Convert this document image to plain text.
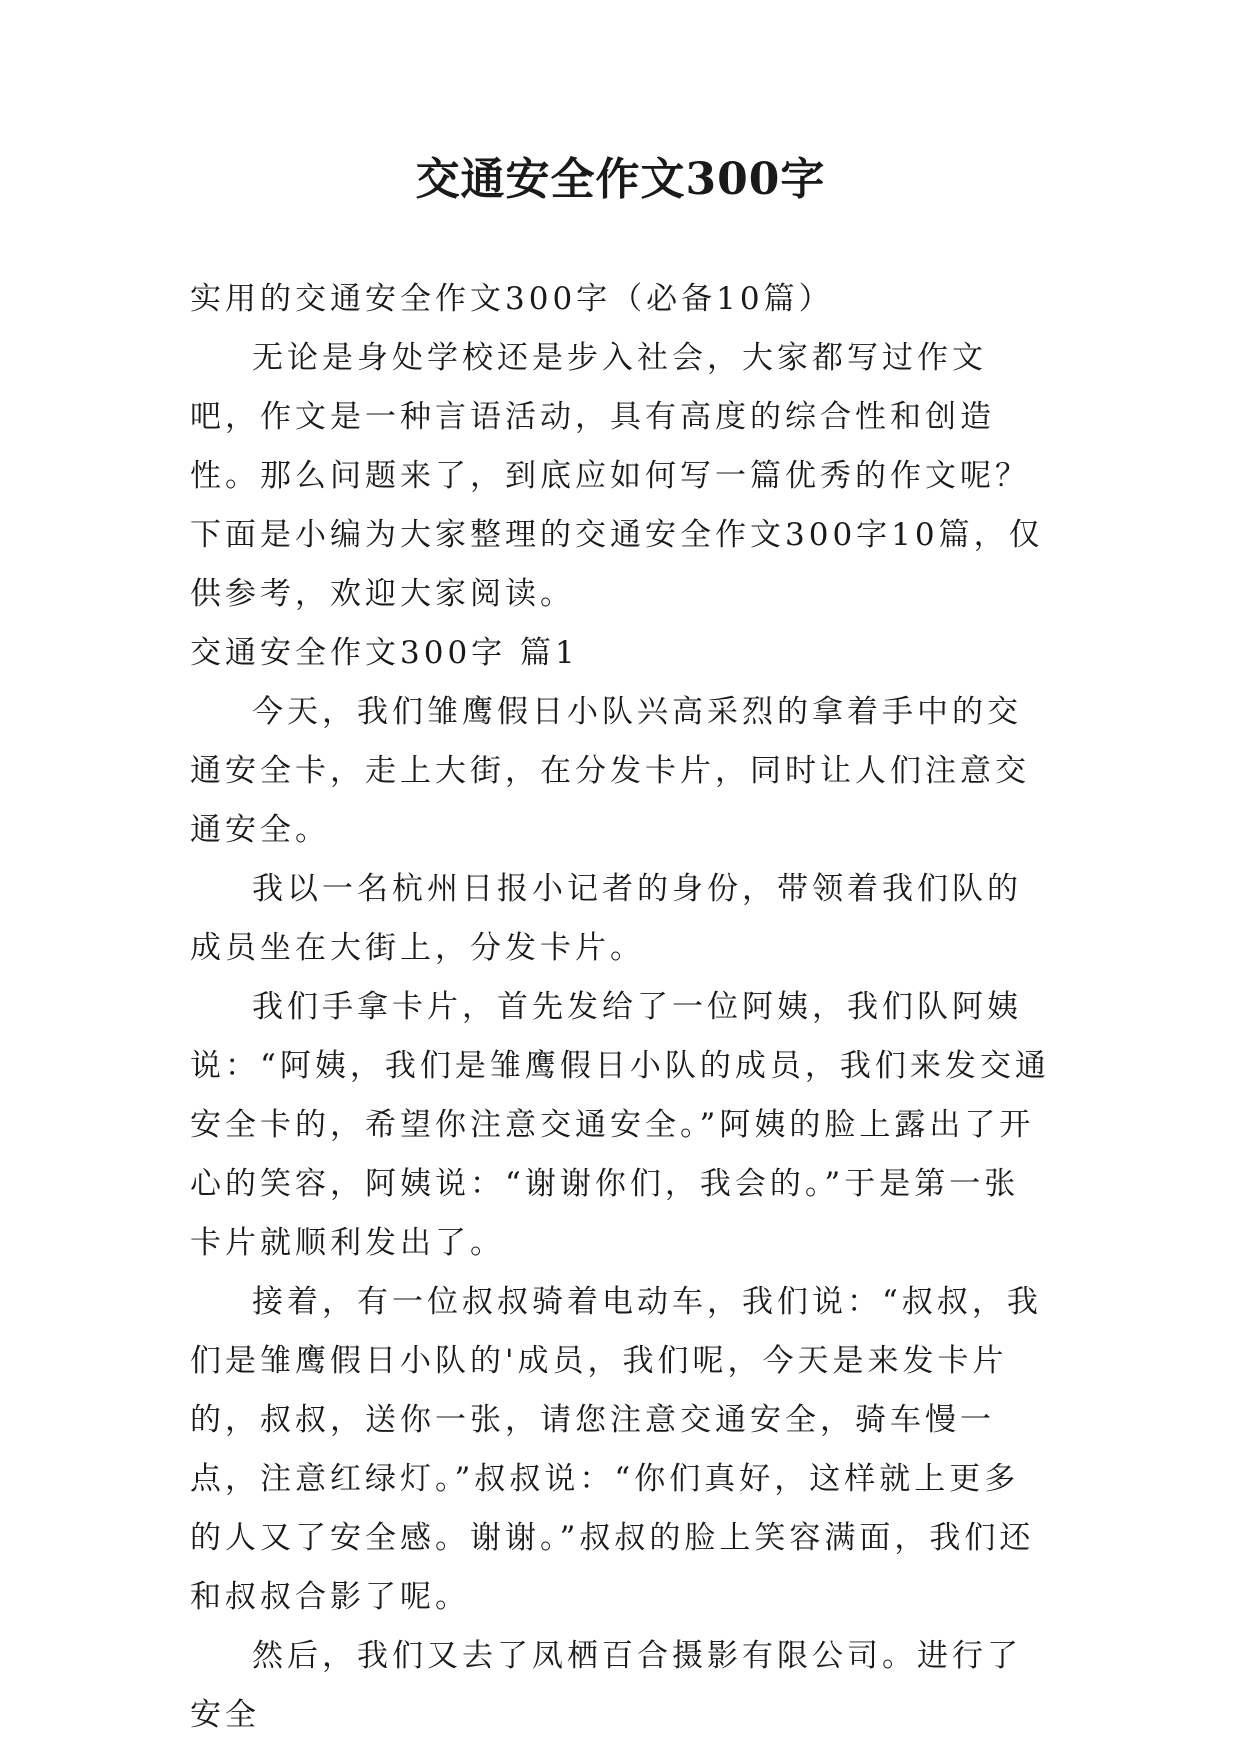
交通安全作文300字

实用的交通安全作文300字（必备10篇）

无论是身处学校还是步入社会，大家都写过作文吧，作文是一种言语活动，具有高度的综合性和创造性。那么问题来了，到底应如何写一篇优秀的作文呢？下面是小编为大家整理的交通安全作文300字10篇，仅供参考，欢迎大家阅读。

交通安全作文300字 篇1

今天，我们雏鹰假日小队兴高采烈的拿着手中的交通安全卡，走上大街，在分发卡片，同时让人们注意交通安全。

我以一名杭州日报小记者的身份，带领着我们队的成员坐在大街上，分发卡片。

我们手拿卡片，首先发给了一位阿姨，我们队阿姨说：“阿姨，我们是雏鹰假日小队的成员，我们来发交通安全卡的，希望你注意交通安全。”阿姨的脸上露出了开心的笑容，阿姨说：“谢谢你们，我会的。”于是第一张卡片就顺利发出了。

接着，有一位叔叔骑着电动车，我们说：“叔叔，我们是雏鹰假日小队的'成员，我们呢，今天是来发卡片的，叔叔，送你一张，请您注意交通安全，骑车慢一点，注意红绿灯。”叔叔说：“你们真好，这样就上更多的人又了安全感。谢谢。”叔叔的脸上笑容满面，我们还和叔叔合影了呢。

然后，我们又去了凤栖百合摄影有限公司。进行了安全
